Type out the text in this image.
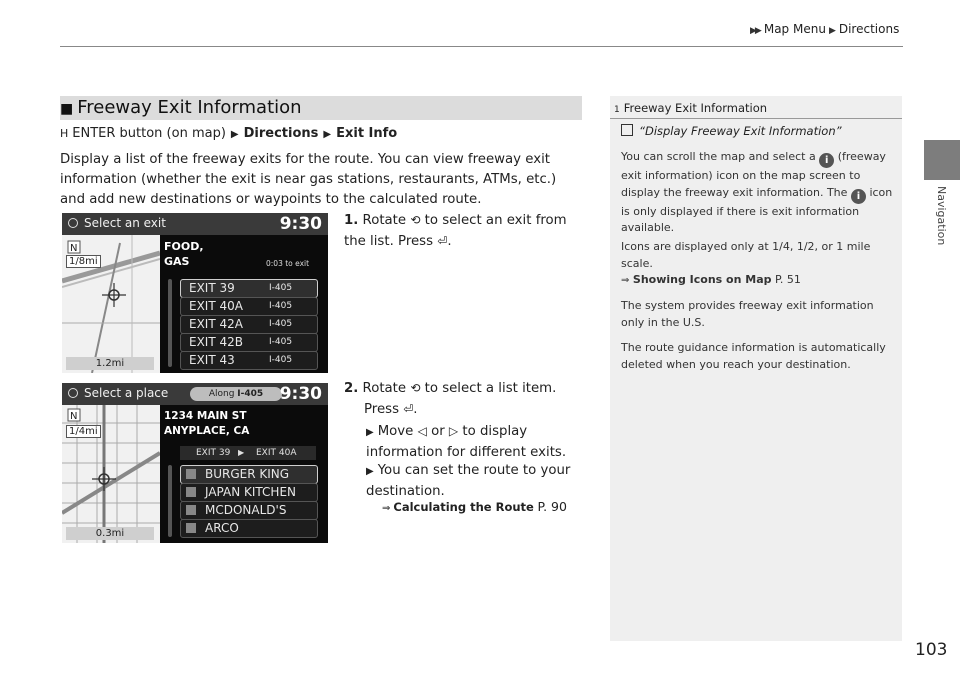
▶▶ Map Menu ▶ Directions
Navigation
■ Freeway Exit Information
H ENTER button (on map) ▶ Directions ▶ Exit Info
Display a list of the freeway exits for the route. You can view freeway exit information (whether the exit is near gas stations, restaurants, ATMs, etc.) and add new destinations or waypoints to the calculated route.
N
1/8mi
1.2mi
Select an exit	9:30
FOOD,
GAS	0:03 to exit
EXIT 39	I-405
EXIT 40A	I-405
EXIT 42A	I-405
EXIT 42B	I-405
EXIT 43	I-405
N
1/4mi
0.3mi
Select a place	Along I-405 9:30
1234 MAIN ST
ANYPLACE, CA
EXIT 39 ▶ EXIT 40A
BURGER KING
JAPAN KITCHEN
MCDONALD'S
ARCO
1. Rotate ⟲ to select an exit from the list. Press ⏎.
2. Rotate ⟲ to select a list item.
Press ⏎.
▶ Move ◁ or ▷ to display information for different exits.
▶ You can set the route to your destination.
⇒ Calculating the Route P. 90
1 Freeway Exit Information
“Display Freeway Exit Information”
You can scroll the map and select a i (freeway exit information) icon on the map screen to display the freeway exit information. The i icon is only displayed if there is exit information available.
Icons are displayed only at 1/4, 1/2, or 1 mile scale.
⇒ Showing Icons on Map P. 51
The system provides freeway exit information only in the U.S.
The route guidance information is automatically deleted when you reach your destination.
103
